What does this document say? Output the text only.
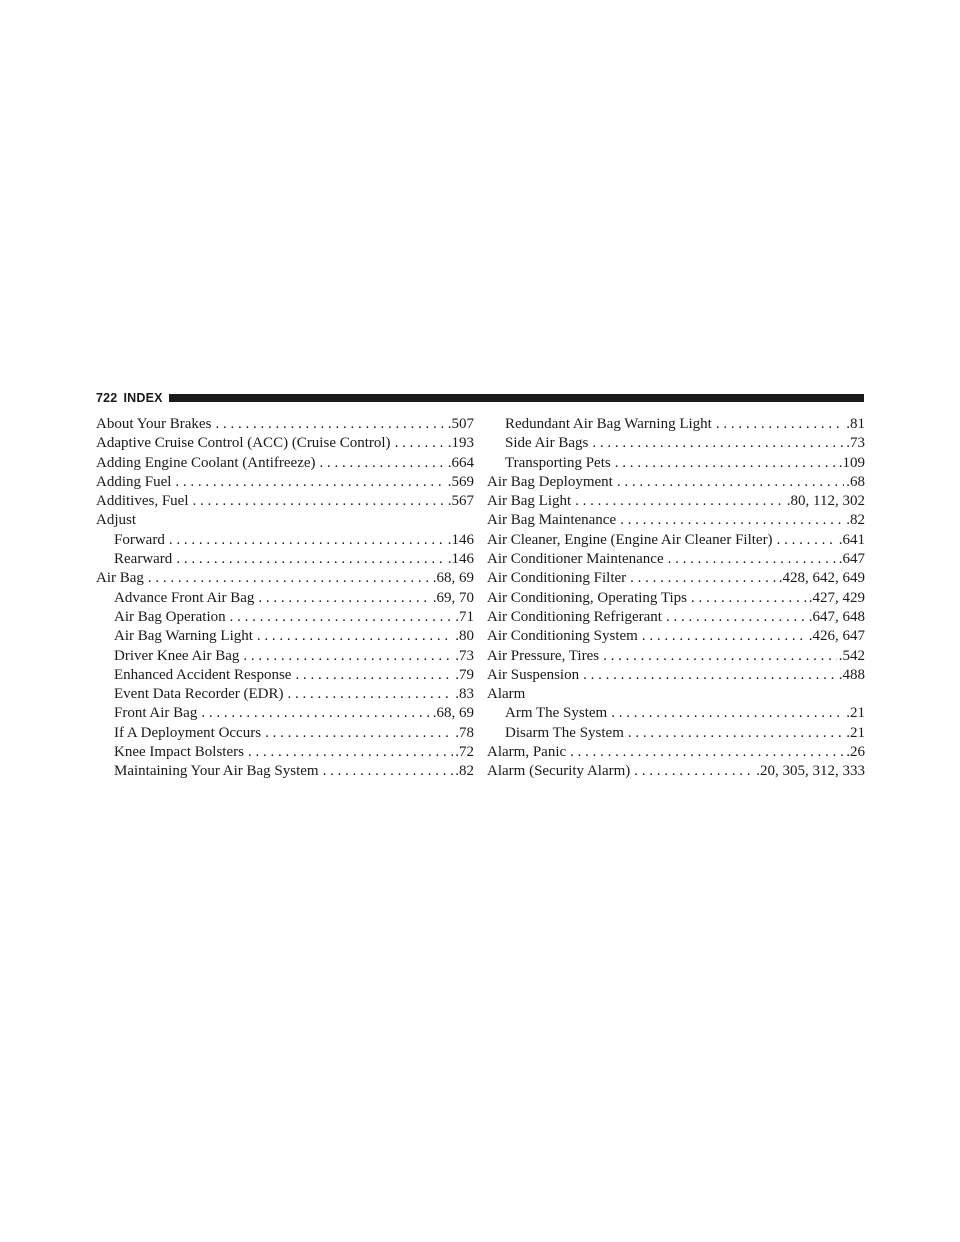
722 INDEX
About Your Brakes . . .	.507
Adaptive Cruise Control (ACC) (Cruise Control) . . .	.193
Adding Engine Coolant (Antifreeze) . . .	.664
Adding Fuel . . .	.569
Additives, Fuel . . .	.567
Adjust
Forward . . .	.146
Rearward . . .	.146
Air Bag . . .	.68, 69
Advance Front Air Bag . . .	.69, 70
Air Bag Operation . . .	.71
Air Bag Warning Light . . .	.80
Driver Knee Air Bag . . .	.73
Enhanced Accident Response . . .	.79
Event Data Recorder (EDR) . . .	.83
Front Air Bag . . .	.68, 69
If A Deployment Occurs . . .	.78
Knee Impact Bolsters . . .	.72
Maintaining Your Air Bag System . . .	.82
Redundant Air Bag Warning Light . . .	.81
Side Air Bags . . .	.73
Transporting Pets . . .	.109
Air Bag Deployment . . .	.68
Air Bag Light . . .	.80, 112, 302
Air Bag Maintenance . . .	.82
Air Cleaner, Engine (Engine Air Cleaner Filter) . . .	.641
Air Conditioner Maintenance . . .	.647
Air Conditioning Filter . . .	.428, 642, 649
Air Conditioning, Operating Tips . . .	.427, 429
Air Conditioning Refrigerant . . .	.647, 648
Air Conditioning System . . .	.426, 647
Air Pressure, Tires . . .	.542
Air Suspension . . .	.488
Alarm
Arm The System . . .	.21
Disarm The System . . .	.21
Alarm, Panic . . .	.26
Alarm (Security Alarm) . . .	.20, 305, 312, 333
